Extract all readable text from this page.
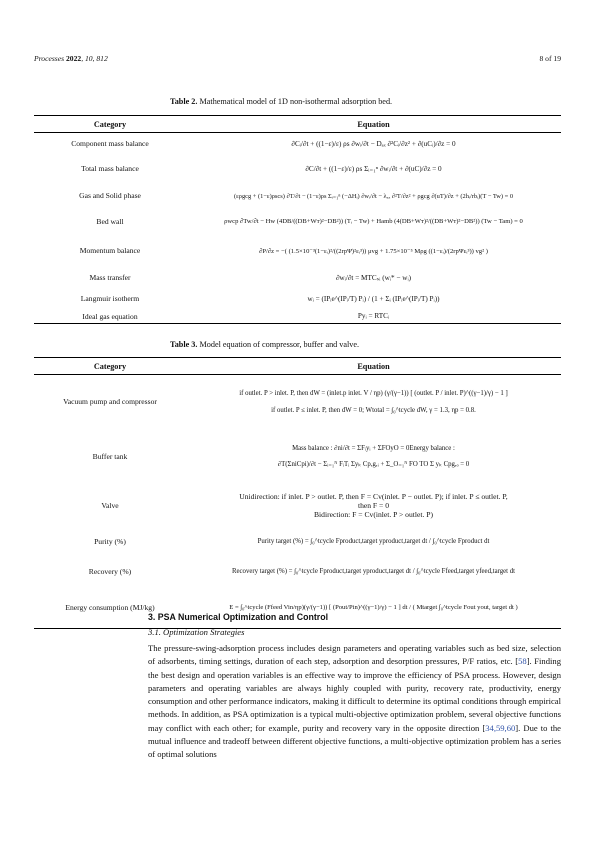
Processes 2022, 10, 812	8 of 19
Table 2. Mathematical model of 1D non-isothermal adsorption bed.
Category	Equation
Component mass balance	∂Cᵢ/∂t + ((1−ε)/ε) ρs ∂wᵢ/∂t − Dₐₓ ∂²Cᵢ/∂z² + ∂(uCᵢ)/∂z = 0
Total mass balance	∂C/∂t + ((1−ε)/ε) ρs Σᵢ₌₁ⁿ ∂wᵢ/∂t + ∂(uC)/∂z = 0
Gas and Solid phase	(ερgcg + (1−ε)ρscs) ∂T/∂t − (1−ε)ρs Σᵢ₌₁ⁿ (−ΔHᵢ) ∂wᵢ/∂t − λₐₓ ∂²T/∂z² + ρgcg ∂(uT)/∂z + (2hᵢ/rbᵢ)(T − Tw) = 0
Bed wall	ρwcp ∂Tw/∂t − Hw (4DB/((DB+Wᴛ)²−DB²)) (Tᵢ − Tw) + Hamb (4(DB+Wᴛ)²/((DB+Wᴛ)²−DB²)) (Tw − Tam) = 0
Momentum balance	∂P/∂z = −( (1.5×10⁻³(1−εᵢ)²/((2rpΨ)²εᵢ³)) μvg + 1.75×10⁻⁵ Mρg ((1−εᵢ)/(2rpΨεᵢ³)) vg² )
Mass transfer	∂wᵢ/∂t = MTCₛᵢ (wᵢ* − wᵢ)
Langmuir isotherm	wᵢ = (IPᵢe^(IPᵢ/T) Pᵢ) / (1 + Σᵢ (IPᵢe^(IPᵢ/T) Pᵢ))
Ideal gas equation	Pyᵢ = RTCᵢ
Table 3. Model equation of compressor, buffer and valve.
Category	Equation
Vacuum pump and compressor	if outlet. P > inlet. P, then dW = (inlet.p inlet. V / ηp) (γ/(γ−1)) [ (outlet. P / inlet. P)^((γ−1)/γ) − 1 ]
if outlet. P ≤ inlet. P, then dW = 0; Wtotal = ∫₀^tcycle dW, γ = 1.3, ηp = 0.8.

Buffer tank	Mass balance : ∂ni/∂t = ΣFᵢyᵢ + ΣFOyO = 0Energy balance :
∂T(ΣniCpi)/∂t − Σᵢ₌₁ᴺ FᵢTᵢ Σyₖ Cp,g,ᵢ + Σ_O₌₁ᴺ FO TO Σ yₖ Cpg,ₒ = 0

Valve	Unidirection: if inlet. P > outlet. P, then F = Cv(inlet. P − outlet. P); if inlet. P ≤ outlet. P,
then F = 0
Bidirection: F = Cv(inlet. P > outlet. P)

Purity (%)	Purity target (%) = ∫₀^tcycle Fproduct,target yproduct,target dt / ∫₀^tcycle Fproduct dt

Recovery (%)	Recovery target (%) = ∫₀^tcycle Fproduct,target yproduct,target dt / ∫₀^tcycle Ffeed,target yfeed,target dt

Energy consumption (MJ/kg)	E = ∫₀^tcycle (Ffeed Vin/ηp)(γ/(γ−1)) [ (Pout/Pin)^((γ−1)/γ) − 1 ] dt / ( Mtarget ∫₀^tcycle Fout yout, target dt )
3. PSA Numerical Optimization and Control
3.1. Optimization Strategies
The pressure-swing-adsorption process includes design parameters and operating variables such as bed size, selection of adsorbents, timing settings, duration of each step, adsorption and desorption pressures, P/F ratios, etc. [58]. Finding the best design and operation variables is an effective way to improve the efficiency of PSA process. However, design parameters and operating variables are always highly coupled with purity, recovery rate, productivity, energy consumption and other performance indicators, making it difficult to determine its optimal conditions through empirical methods. In addition, as PSA optimization is a typical multi-objective optimization problem, several objective functions may conflict with each other; for example, purity and recovery vary in the opposite direction [34,59,60]. Due to the mutual influence and tradeoff between different objective functions, a multi-objective optimization problem has a series of optimal solutions
